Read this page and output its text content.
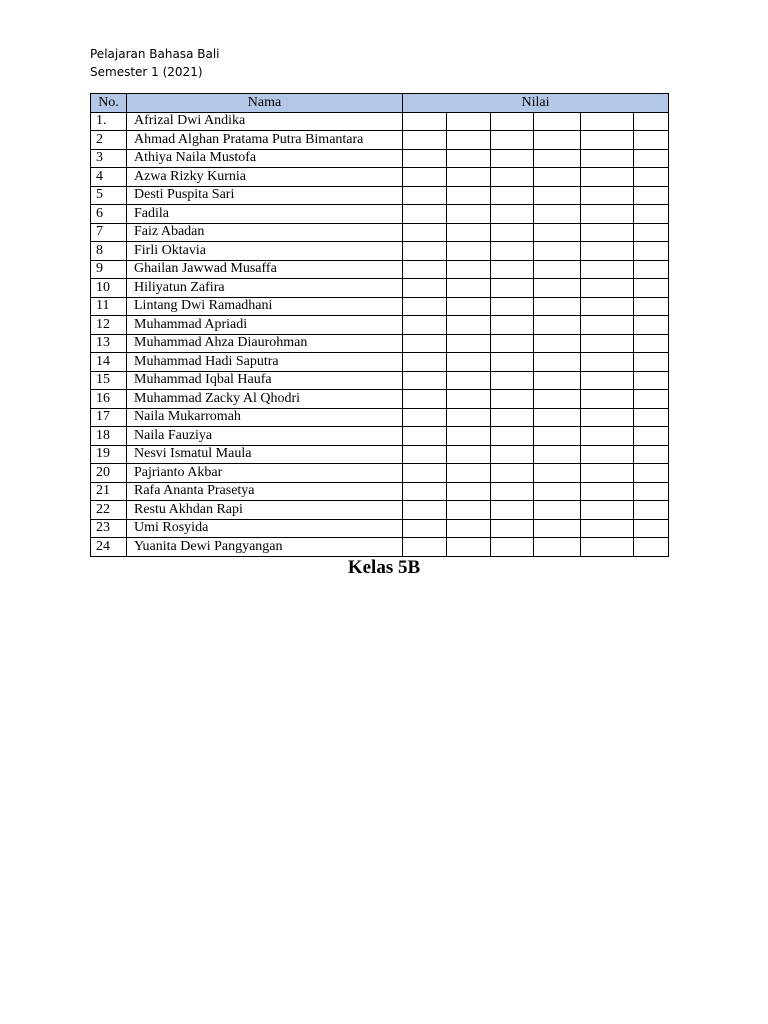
Pelajaran Bahasa Bali
Semester 1 (2021)
No.	Nama	Nilai					
1.	Afrizal Dwi Andika						
2	Ahmad Alghan Pratama Putra Bimantara						
3	Athiya Naila Mustofa						
4	Azwa Rizky Kurnia						
5	Desti Puspita Sari						
6	Fadila						
7	Faiz Abadan						
8	Firli Oktavia						
9	Ghailan Jawwad Musaffa						
10	Hiliyatun Zafira						
11	Lintang Dwi Ramadhani						
12	Muhammad Apriadi						
13	Muhammad Ahza Diaurohman						
14	Muhammad Hadi Saputra						
15	Muhammad Iqbal Haufa						
16	Muhammad Zacky Al Qhodri						
17	Naila Mukarromah						
18	Naila Fauziya						
19	Nesvi Ismatul Maula						
20	Pajrianto Akbar						
21	Rafa Ananta Prasetya						
22	Restu Akhdan Rapi						
23	Umi Rosyida						
24	Yuanita Dewi Pangyangan						
Kelas 5B
